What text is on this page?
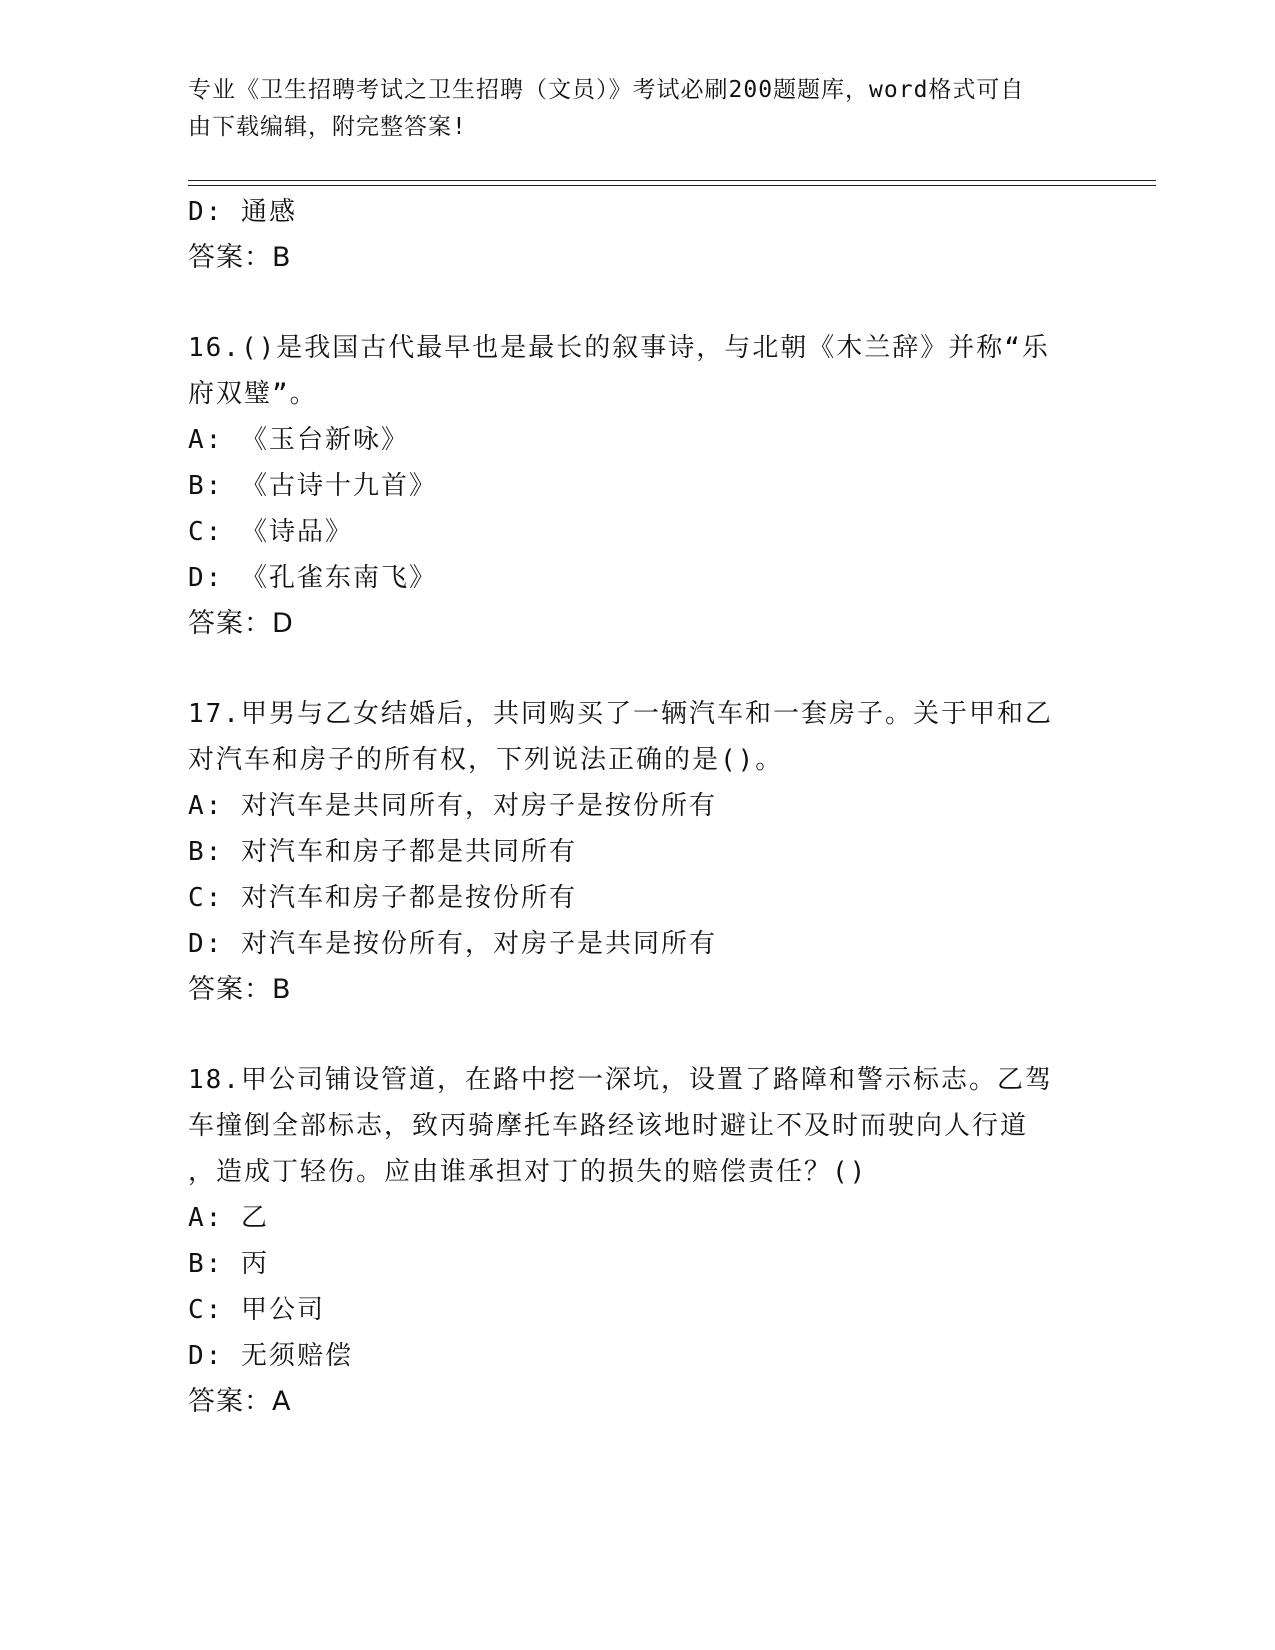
专业《卫生招聘考试之卫生招聘（文员）》考试必刷200题题库，word格式可自
由下载编辑，附完整答案!
D: 通感
答案：B
16.()是我国古代最早也是最长的叙事诗，与北朝《木兰辞》并称“乐
府双璧”。
A: 《玉台新咏》
B: 《古诗十九首》
C: 《诗品》
D: 《孔雀东南飞》
答案：D
17.甲男与乙女结婚后，共同购买了一辆汽车和一套房子。关于甲和乙
对汽车和房子的所有权，下列说法正确的是()。
A: 对汽车是共同所有，对房子是按份所有
B: 对汽车和房子都是共同所有
C: 对汽车和房子都是按份所有
D: 对汽车是按份所有，对房子是共同所有
答案：B
18.甲公司铺设管道，在路中挖一深坑，设置了路障和警示标志。乙驾
车撞倒全部标志，致丙骑摩托车路经该地时避让不及时而驶向人行道
，造成丁轻伤。应由谁承担对丁的损失的赔偿责任？()
A: 乙
B: 丙
C: 甲公司
D: 无须赔偿
答案：A
